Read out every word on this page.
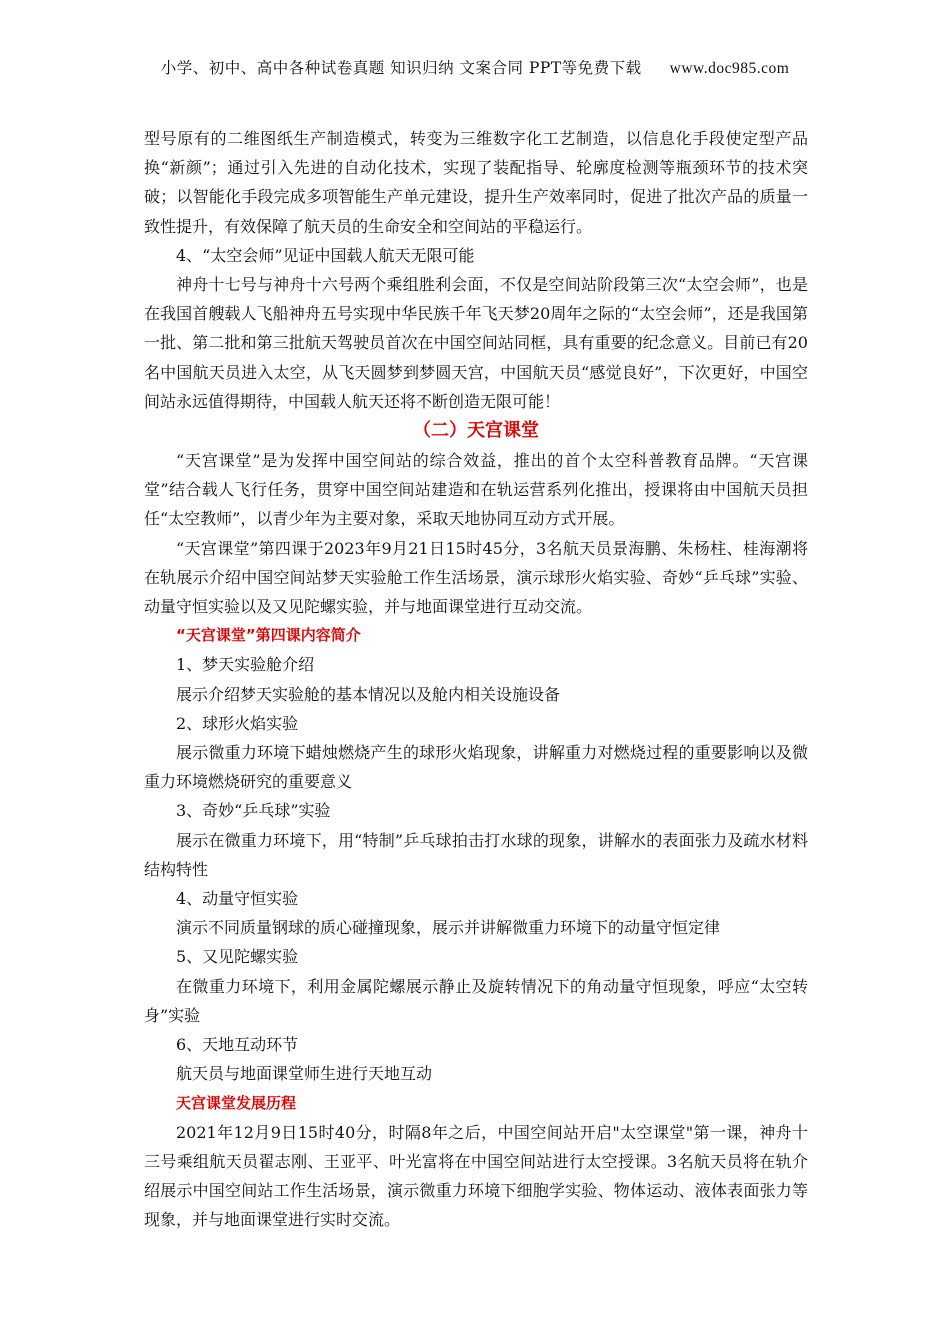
小学、初中、高中各种试卷真题 知识归纳 文案合同 PPT等免费下载 www.doc985.com

型号原有的二维图纸生产制造模式，转变为三维数字化工艺制造，以信息化手段使定型产品换“新颜”；通过引入先进的自动化技术，实现了装配指导、轮廓度检测等瓶颈环节的技术突破；以智能化手段完成多项智能生产单元建设，提升生产效率同时，促进了批次产品的质量一致性提升，有效保障了航天员的生命安全和空间站的平稳运行。

4、“太空会师”见证中国载人航天无限可能

神舟十七号与神舟十六号两个乘组胜利会面，不仅是空间站阶段第三次“太空会师”，也是在我国首艘载人飞船神舟五号实现中华民族千年飞天梦20周年之际的“太空会师”，还是我国第一批、第二批和第三批航天驾驶员首次在中国空间站同框，具有重要的纪念意义。目前已有20名中国航天员进入太空，从飞天圆梦到梦圆天宫，中国航天员“感觉良好”，下次更好，中国空间站永远值得期待，中国载人航天还将不断创造无限可能！

（二）天宫课堂

“天宫课堂”是为发挥中国空间站的综合效益，推出的首个太空科普教育品牌。“天宫课堂”结合载人飞行任务，贯穿中国空间站建造和在轨运营系列化推出，授课将由中国航天员担任“太空教师”，以青少年为主要对象，采取天地协同互动方式开展。

“天宫课堂”第四课于2023年9月21日15时45分，3名航天员景海鹏、朱杨柱、桂海潮将在轨展示介绍中国空间站梦天实验舱工作生活场景，演示球形火焰实验、奇妙“乒乓球”实验、动量守恒实验以及又见陀螺实验，并与地面课堂进行互动交流。

“天宫课堂”第四课内容简介

1、梦天实验舱介绍

展示介绍梦天实验舱的基本情况以及舱内相关设施设备

2、球形火焰实验

展示微重力环境下蜡烛燃烧产生的球形火焰现象，讲解重力对燃烧过程的重要影响以及微重力环境燃烧研究的重要意义

3、奇妙“乒乓球”实验

展示在微重力环境下，用“特制”乒乓球拍击打水球的现象，讲解水的表面张力及疏水材料结构特性

4、动量守恒实验

演示不同质量钢球的质心碰撞现象，展示并讲解微重力环境下的动量守恒定律

5、又见陀螺实验

在微重力环境下，利用金属陀螺展示静止及旋转情况下的角动量守恒现象，呼应“太空转身”实验

6、天地互动环节

航天员与地面课堂师生进行天地互动

天宫课堂发展历程

2021年12月9日15时40分，时隔8年之后，中国空间站开启"太空课堂"第一课，神舟十三号乘组航天员翟志刚、王亚平、叶光富将在中国空间站进行太空授课。3名航天员将在轨介绍展示中国空间站工作生活场景，演示微重力环境下细胞学实验、物体运动、液体表面张力等现象，并与地面课堂进行实时交流。
